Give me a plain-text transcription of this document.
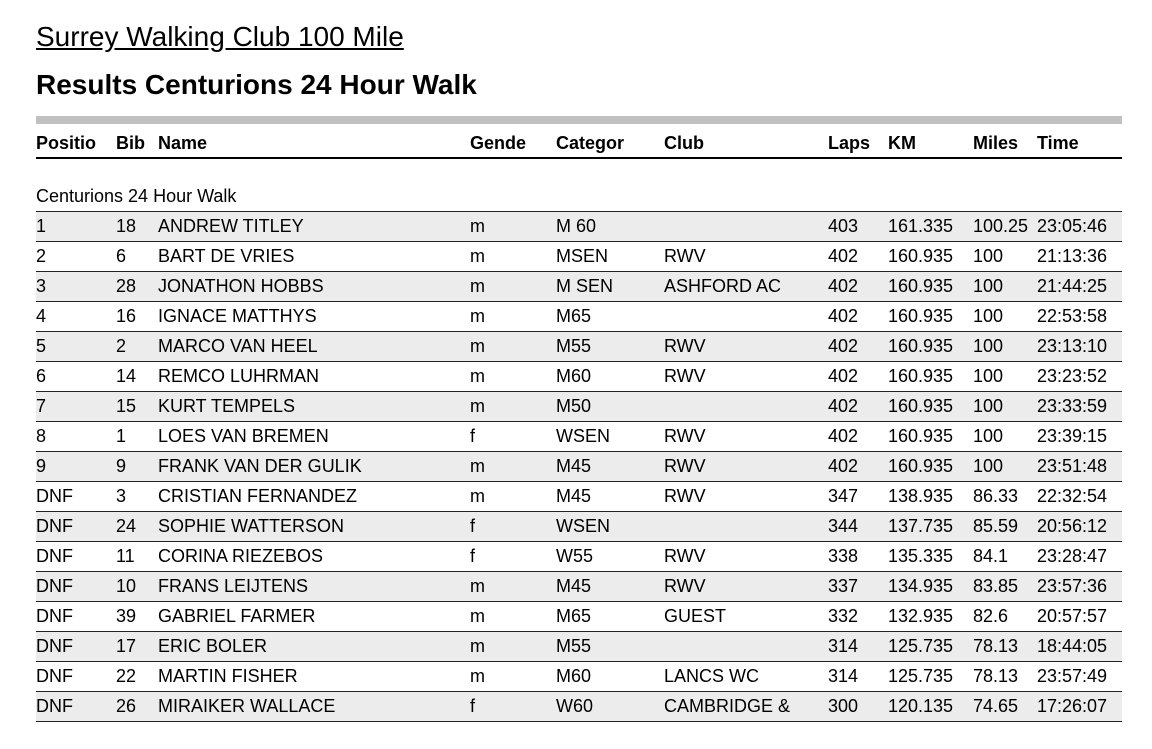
Surrey Walking Club 100 Mile
Results Centurions 24 Hour Walk
Positio	Bib	Name	Gende	Categor	Club	Laps	KM	Miles	Time
Centurions 24 Hour Walk									
1	18	ANDREW TITLEY	m	M 60		403	161.335	100.25	23:05:46
2	6	BART DE VRIES	m	MSEN	RWV	402	160.935	100	21:13:36
3	28	JONATHON HOBBS	m	M SEN	ASHFORD AC	402	160.935	100	21:44:25
4	16	IGNACE MATTHYS	m	M65		402	160.935	100	22:53:58
5	2	MARCO VAN HEEL	m	M55	RWV	402	160.935	100	23:13:10
6	14	REMCO LUHRMAN	m	M60	RWV	402	160.935	100	23:23:52
7	15	KURT TEMPELS	m	M50		402	160.935	100	23:33:59
8	1	LOES VAN BREMEN	f	WSEN	RWV	402	160.935	100	23:39:15
9	9	FRANK VAN DER GULIK	m	M45	RWV	402	160.935	100	23:51:48
DNF	3	CRISTIAN FERNANDEZ	m	M45	RWV	347	138.935	86.33	22:32:54
DNF	24	SOPHIE WATTERSON	f	WSEN		344	137.735	85.59	20:56:12
DNF	11	CORINA RIEZEBOS	f	W55	RWV	338	135.335	84.1	23:28:47
DNF	10	FRANS LEIJTENS	m	M45	RWV	337	134.935	83.85	23:57:36
DNF	39	GABRIEL FARMER	m	M65	GUEST	332	132.935	82.6	20:57:57
DNF	17	ERIC BOLER	m	M55		314	125.735	78.13	18:44:05
DNF	22	MARTIN FISHER	m	M60	LANCS WC	314	125.735	78.13	23:57:49
DNF	26	MIRAIKER WALLACE	f	W60	CAMBRIDGE &	300	120.135	74.65	17:26:07
